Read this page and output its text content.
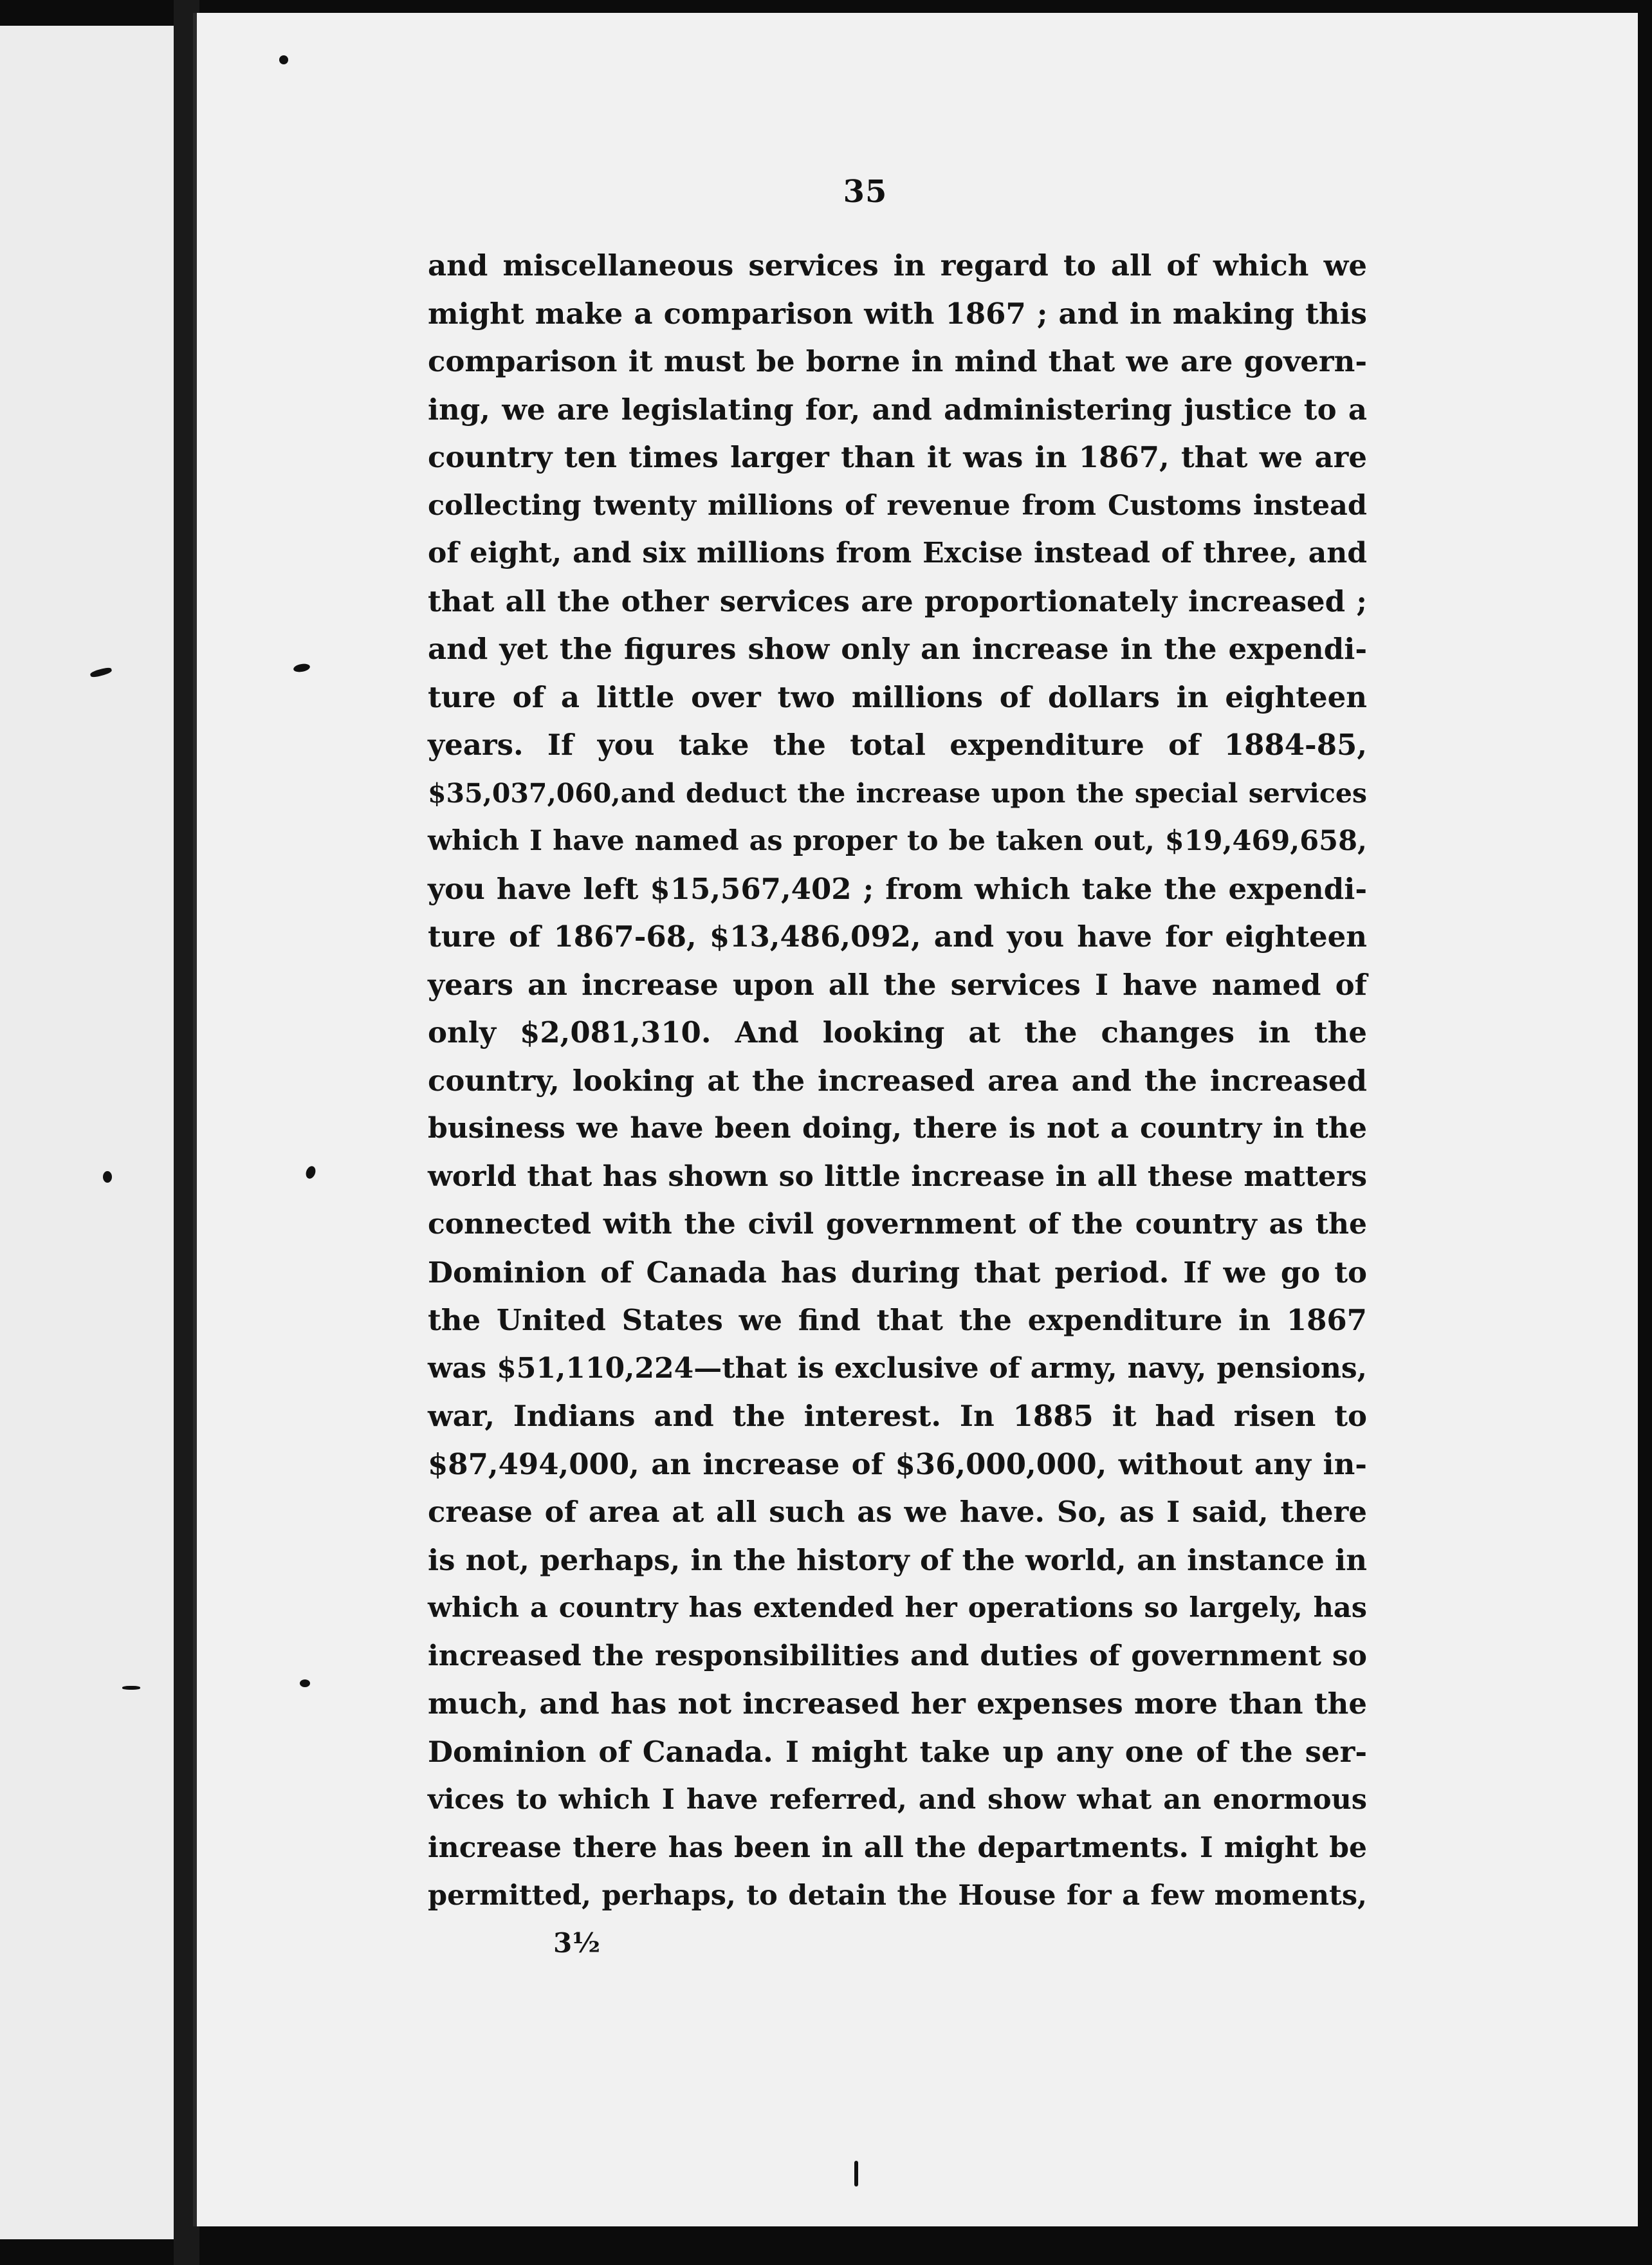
35
and miscellaneous services in regard to all of which we
might make a comparison with 1867 ; and in making this
comparison it must be borne in mind that we are govern-
ing, we are legislating for, and administering justice to a
country ten times larger than it was in 1867, that we are
collecting twenty millions of revenue from Customs instead
of eight, and six millions from Excise instead of three, and
that all the other services are proportionately increased ;
and yet the figures show only an increase in the expendi-
ture of a little over two millions of dollars in eighteen
years. If you take the total expenditure of 1884-85,
$35,037,060,and deduct the increase upon the special services
which I have named as proper to be taken out, $19,469,658,
you have left $15,567,402 ; from which take the expendi-
ture of 1867-68, $13,486,092, and you have for eighteen
years an increase upon all the services I have named of
only $2,081,310. And looking at the changes in the
country, looking at the increased area and the increased
business we have been doing, there is not a country in the
world that has shown so little increase in all these matters
connected with the civil government of the country as the
Dominion of Canada has during that period. If we go to
the United States we find that the expenditure in 1867
was $51,110,224—that is exclusive of army, navy, pensions,
war, Indians and the interest. In 1885 it had risen to
$87,494,000, an increase of $36,000,000, without any in-
crease of area at all such as we have. So, as I said, there
is not, perhaps, in the history of the world, an instance in
which a country has extended her operations so largely, has
increased the responsibilities and duties of government so
much, and has not increased her expenses more than the
Dominion of Canada. I might take up any one of the ser-
vices to which I have referred, and show what an enormous
increase there has been in all the departments. I might be
permitted, perhaps, to detain the House for a few moments,
3½
